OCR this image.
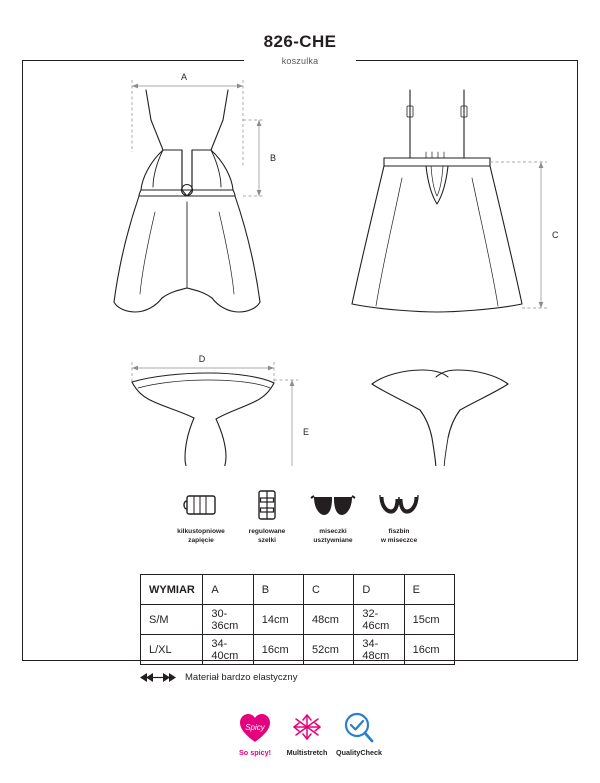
826-CHE
koszulka
A
B
C
D
E
kilkustopniowe
zapięcie
regulowane
szelki
miseczki
usztywniane
fiszbin
w miseczce
WYMIAR	A	B	C	D	E
S/M	30-36cm	14cm	48cm	32-46cm	15cm
L/XL	34-40cm	16cm	52cm	34-48cm	16cm
Materiał bardzo elastyczny
Spicy
So spicy!	Multistretch	QualityCheck
